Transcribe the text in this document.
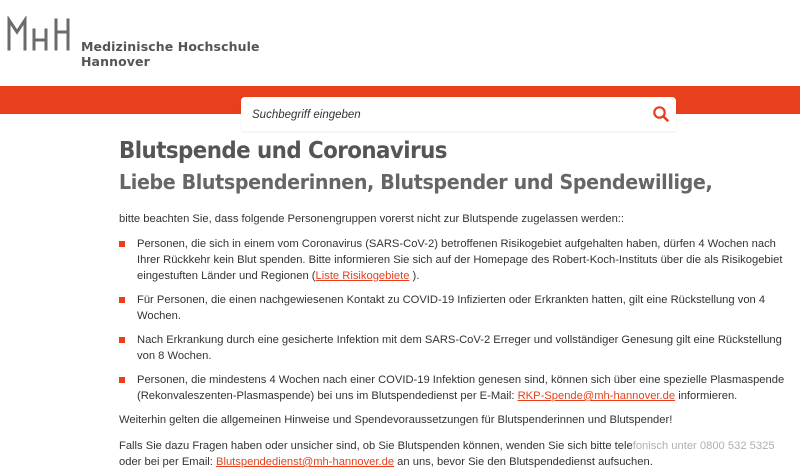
Medizinische Hochschule
Hannover
Suchbegriff eingeben
Blutspende und Coronavirus
Liebe Blutspenderinnen, Blutspender und Spendewillige,

bitte beachten Sie, dass folgende Personengruppen vorerst nicht zur Blutspende zugelassen werden::

Personen, die sich in einem vom Coronavirus (SARS-CoV-2) betroffenen Risikogebiet aufgehalten haben, dürfen 4 Wochen nach Ihrer Rückkehr kein Blut spenden. Bitte informieren Sie sich auf der Homepage des Robert-Koch-Instituts über die als Risikogebiet eingestuften Länder und Regionen (Liste Risikogebiete ).
Für Personen, die einen nachgewiesenen Kontakt zu COVID-19 Infizierten oder Erkrankten hatten, gilt eine Rückstellung von 4 Wochen.
Nach Erkrankung durch eine gesicherte Infektion mit dem SARS-CoV-2 Erreger und vollständiger Genesung gilt eine Rückstellung von 8 Wochen.
Personen, die mindestens 4 Wochen nach einer COVID-19 Infektion genesen sind, können sich über eine spezielle Plasmaspende (Rekonvaleszenten-Plasmaspende) bei uns im Blutspendedienst per E-Mail: RKP-Spende@mh-hannover.de informieren.

Weiterhin gelten die allgemeinen Hinweise und Spendevoraussetzungen für Blutspenderinnen und Blutspender!

Falls Sie dazu Fragen haben oder unsicher sind, ob Sie Blutspenden können, wenden Sie sich bitte telefonisch unter 0800 532 5325
oder bei per Email: Blutspendedienst@mh-hannover.de an uns, bevor Sie den Blutspendedienst aufsuchen.
